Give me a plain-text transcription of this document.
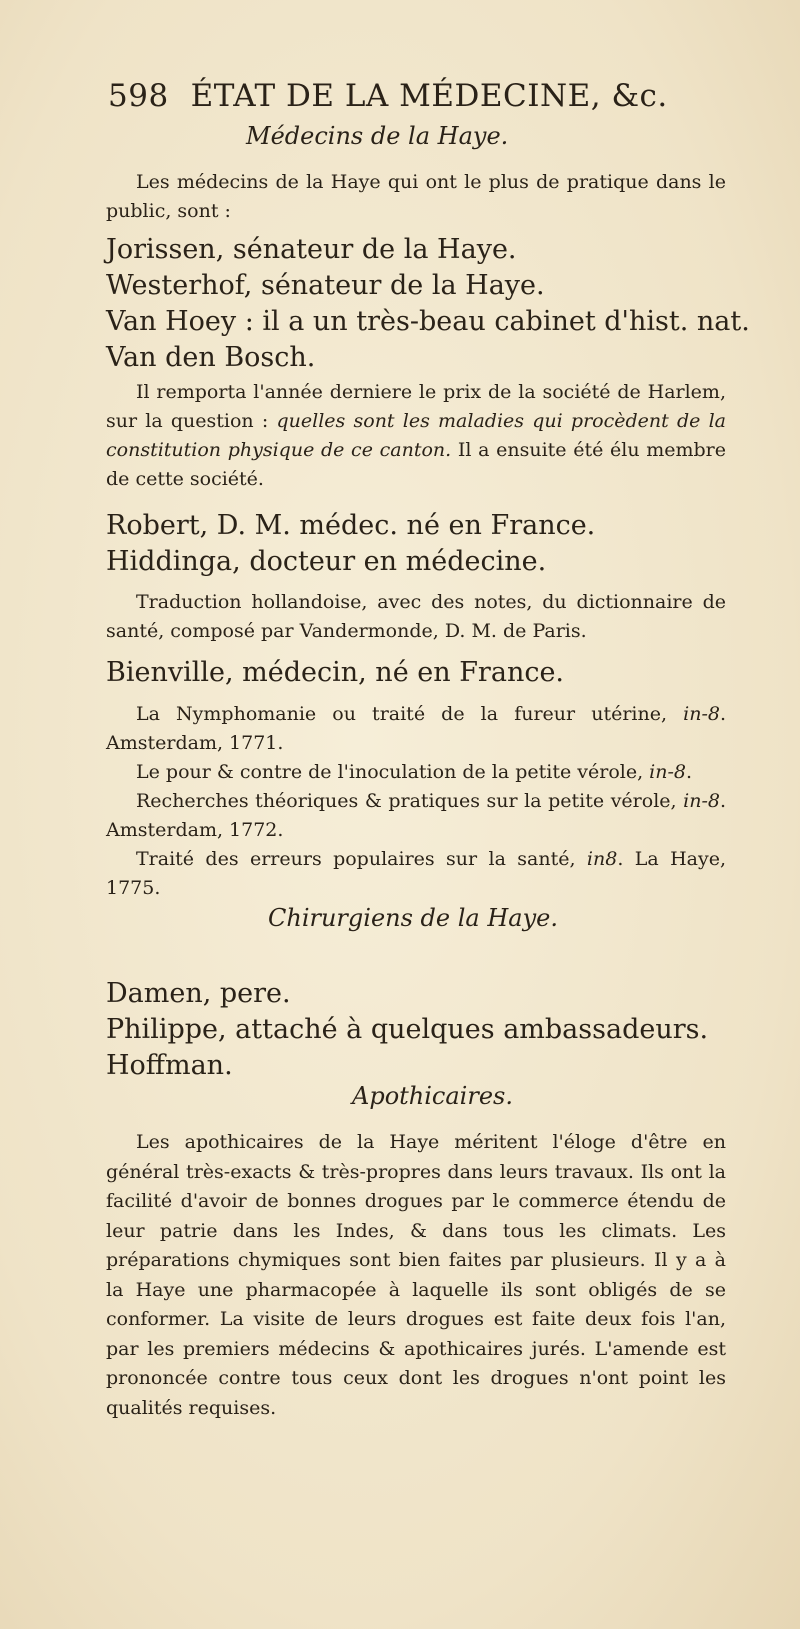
598 ÉTAT DE LA MÉDECINE, &c.
Médecins de la Haye.
Les médecins de la Haye qui ont le plus de pratique dans le public, sont :
Jorissen, sénateur de la Haye.
Westerhof, sénateur de la Haye.
Van Hoey : il a un très-beau cabinet d'hist. nat.
Van den Bosch.
Il remporta l'année derniere le prix de la société de Harlem, sur la question : quelles sont les maladies qui procèdent de la constitution physique de ce canton. Il a ensuite été élu membre de cette société.
Robert, D. M. médec. né en France.
Hiddinga, docteur en médecine.
Traduction hollandoise, avec des notes, du dictionnaire de santé, composé par Vandermonde, D. M. de Paris.
Bienville, médecin, né en France.
La Nymphomanie ou traité de la fureur utérine, in-8. Amsterdam, 1771.
Le pour & contre de l'inoculation de la petite vérole, in-8.
Recherches théoriques & pratiques sur la petite vérole, in-8. Amsterdam, 1772.
Traité des erreurs populaires sur la santé, in8. La Haye, 1775.
Chirurgiens de la Haye.
Damen, pere.
Philippe, attaché à quelques ambassadeurs.
Hoffman.
Apothicaires.
Les apothicaires de la Haye méritent l'éloge d'être en général très-exacts & très-propres dans leurs travaux. Ils ont la facilité d'avoir de bonnes drogues par le commerce étendu de leur patrie dans les Indes, & dans tous les climats. Les préparations chymiques sont bien faites par plusieurs. Il y a à la Haye une pharmacopée à laquelle ils sont obligés de se conformer. La visite de leurs drogues est faite deux fois l'an, par les premiers médecins & apothicaires jurés. L'amende est prononcée contre tous ceux dont les drogues n'ont point les qualités requises.
